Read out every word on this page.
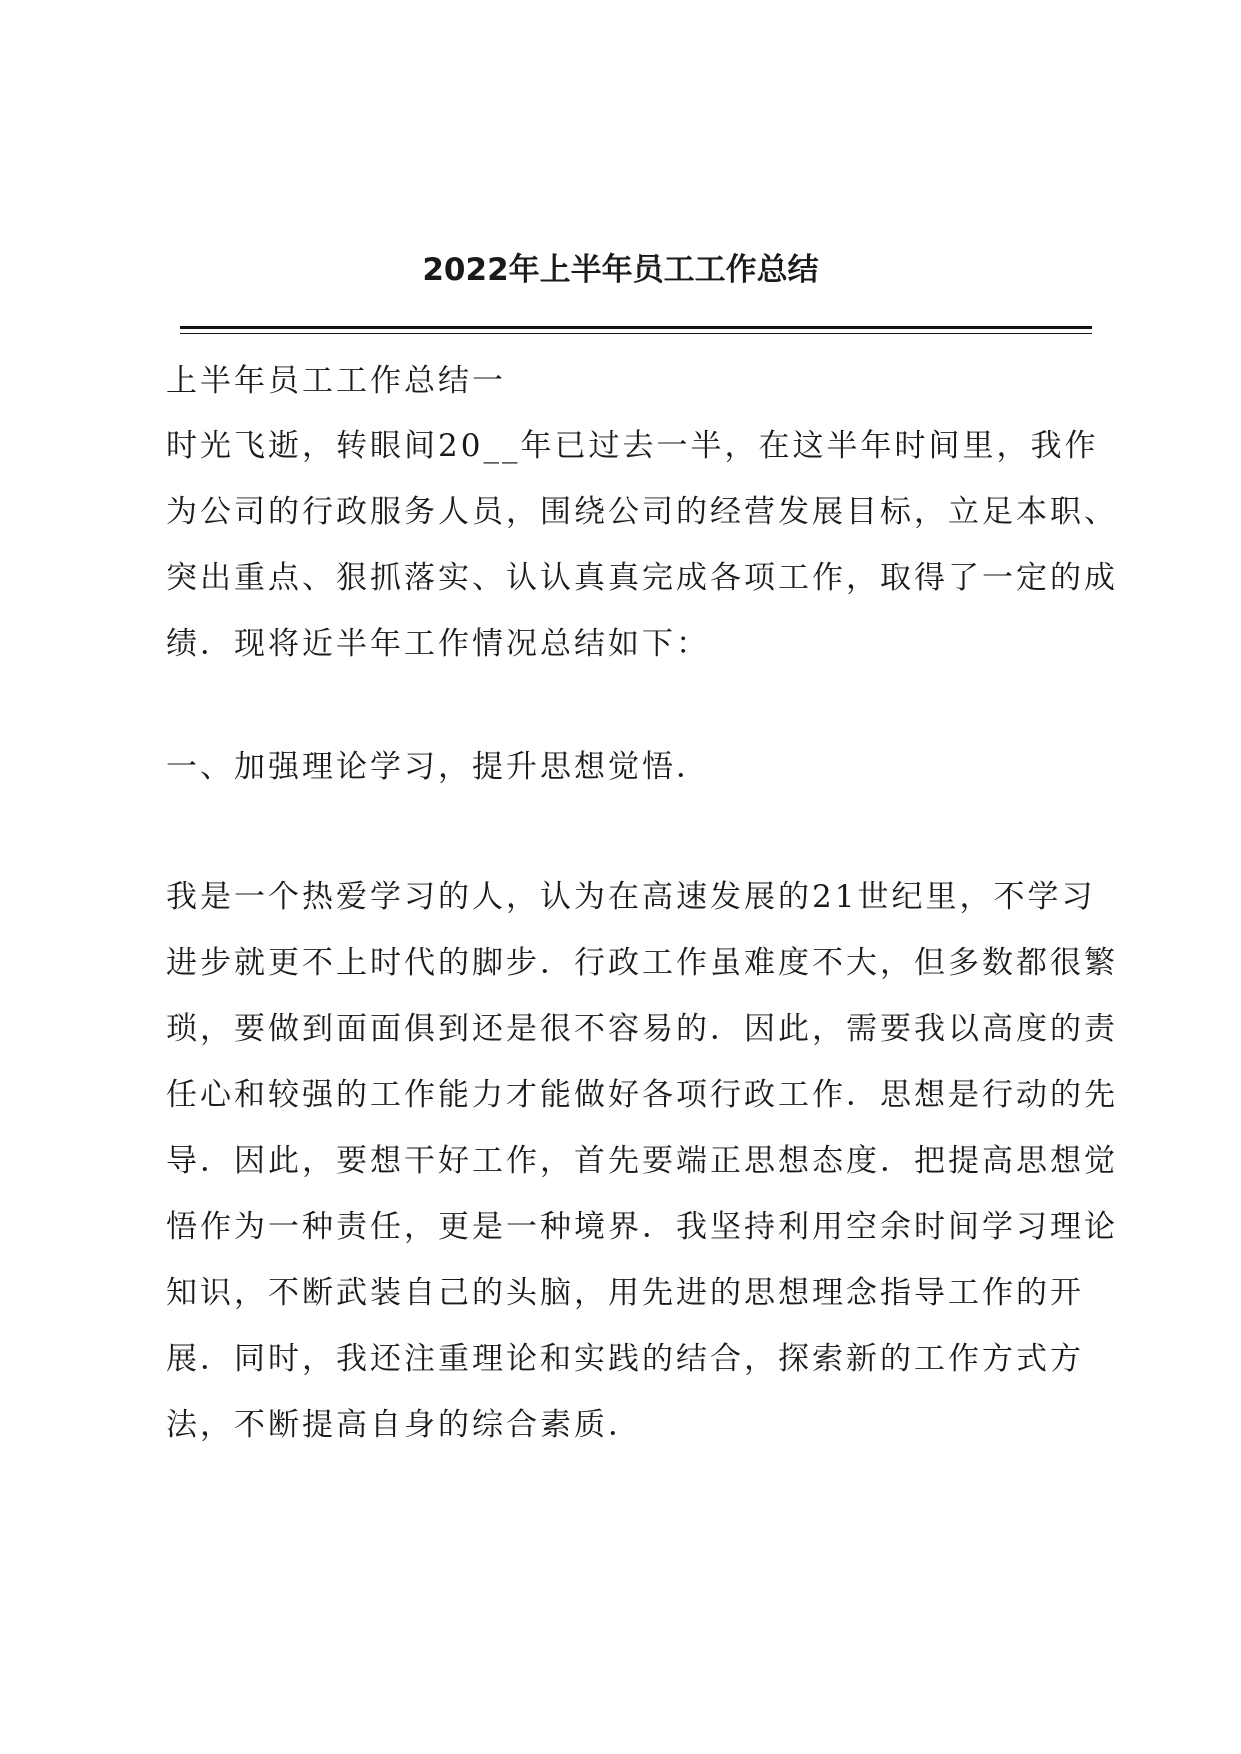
2022年上半年员工工作总结
上半年员工工作总结一
时光飞逝，转眼间20__年已过去一半，在这半年时间里，我作
为公司的行政服务人员，围绕公司的经营发展目标，立足本职、
突出重点、狠抓落实、认认真真完成各项工作，取得了一定的成
绩．现将近半年工作情况总结如下：
一、加强理论学习，提升思想觉悟．
我是一个热爱学习的人，认为在高速发展的21世纪里，不学习
进步就更不上时代的脚步．行政工作虽难度不大，但多数都很繁
琐，要做到面面俱到还是很不容易的．因此，需要我以高度的责
任心和较强的工作能力才能做好各项行政工作．思想是行动的先
导．因此，要想干好工作，首先要端正思想态度．把提高思想觉
悟作为一种责任，更是一种境界．我坚持利用空余时间学习理论
知识，不断武装自己的头脑，用先进的思想理念指导工作的开
展．同时，我还注重理论和实践的结合，探索新的工作方式方
法，不断提高自身的综合素质．
